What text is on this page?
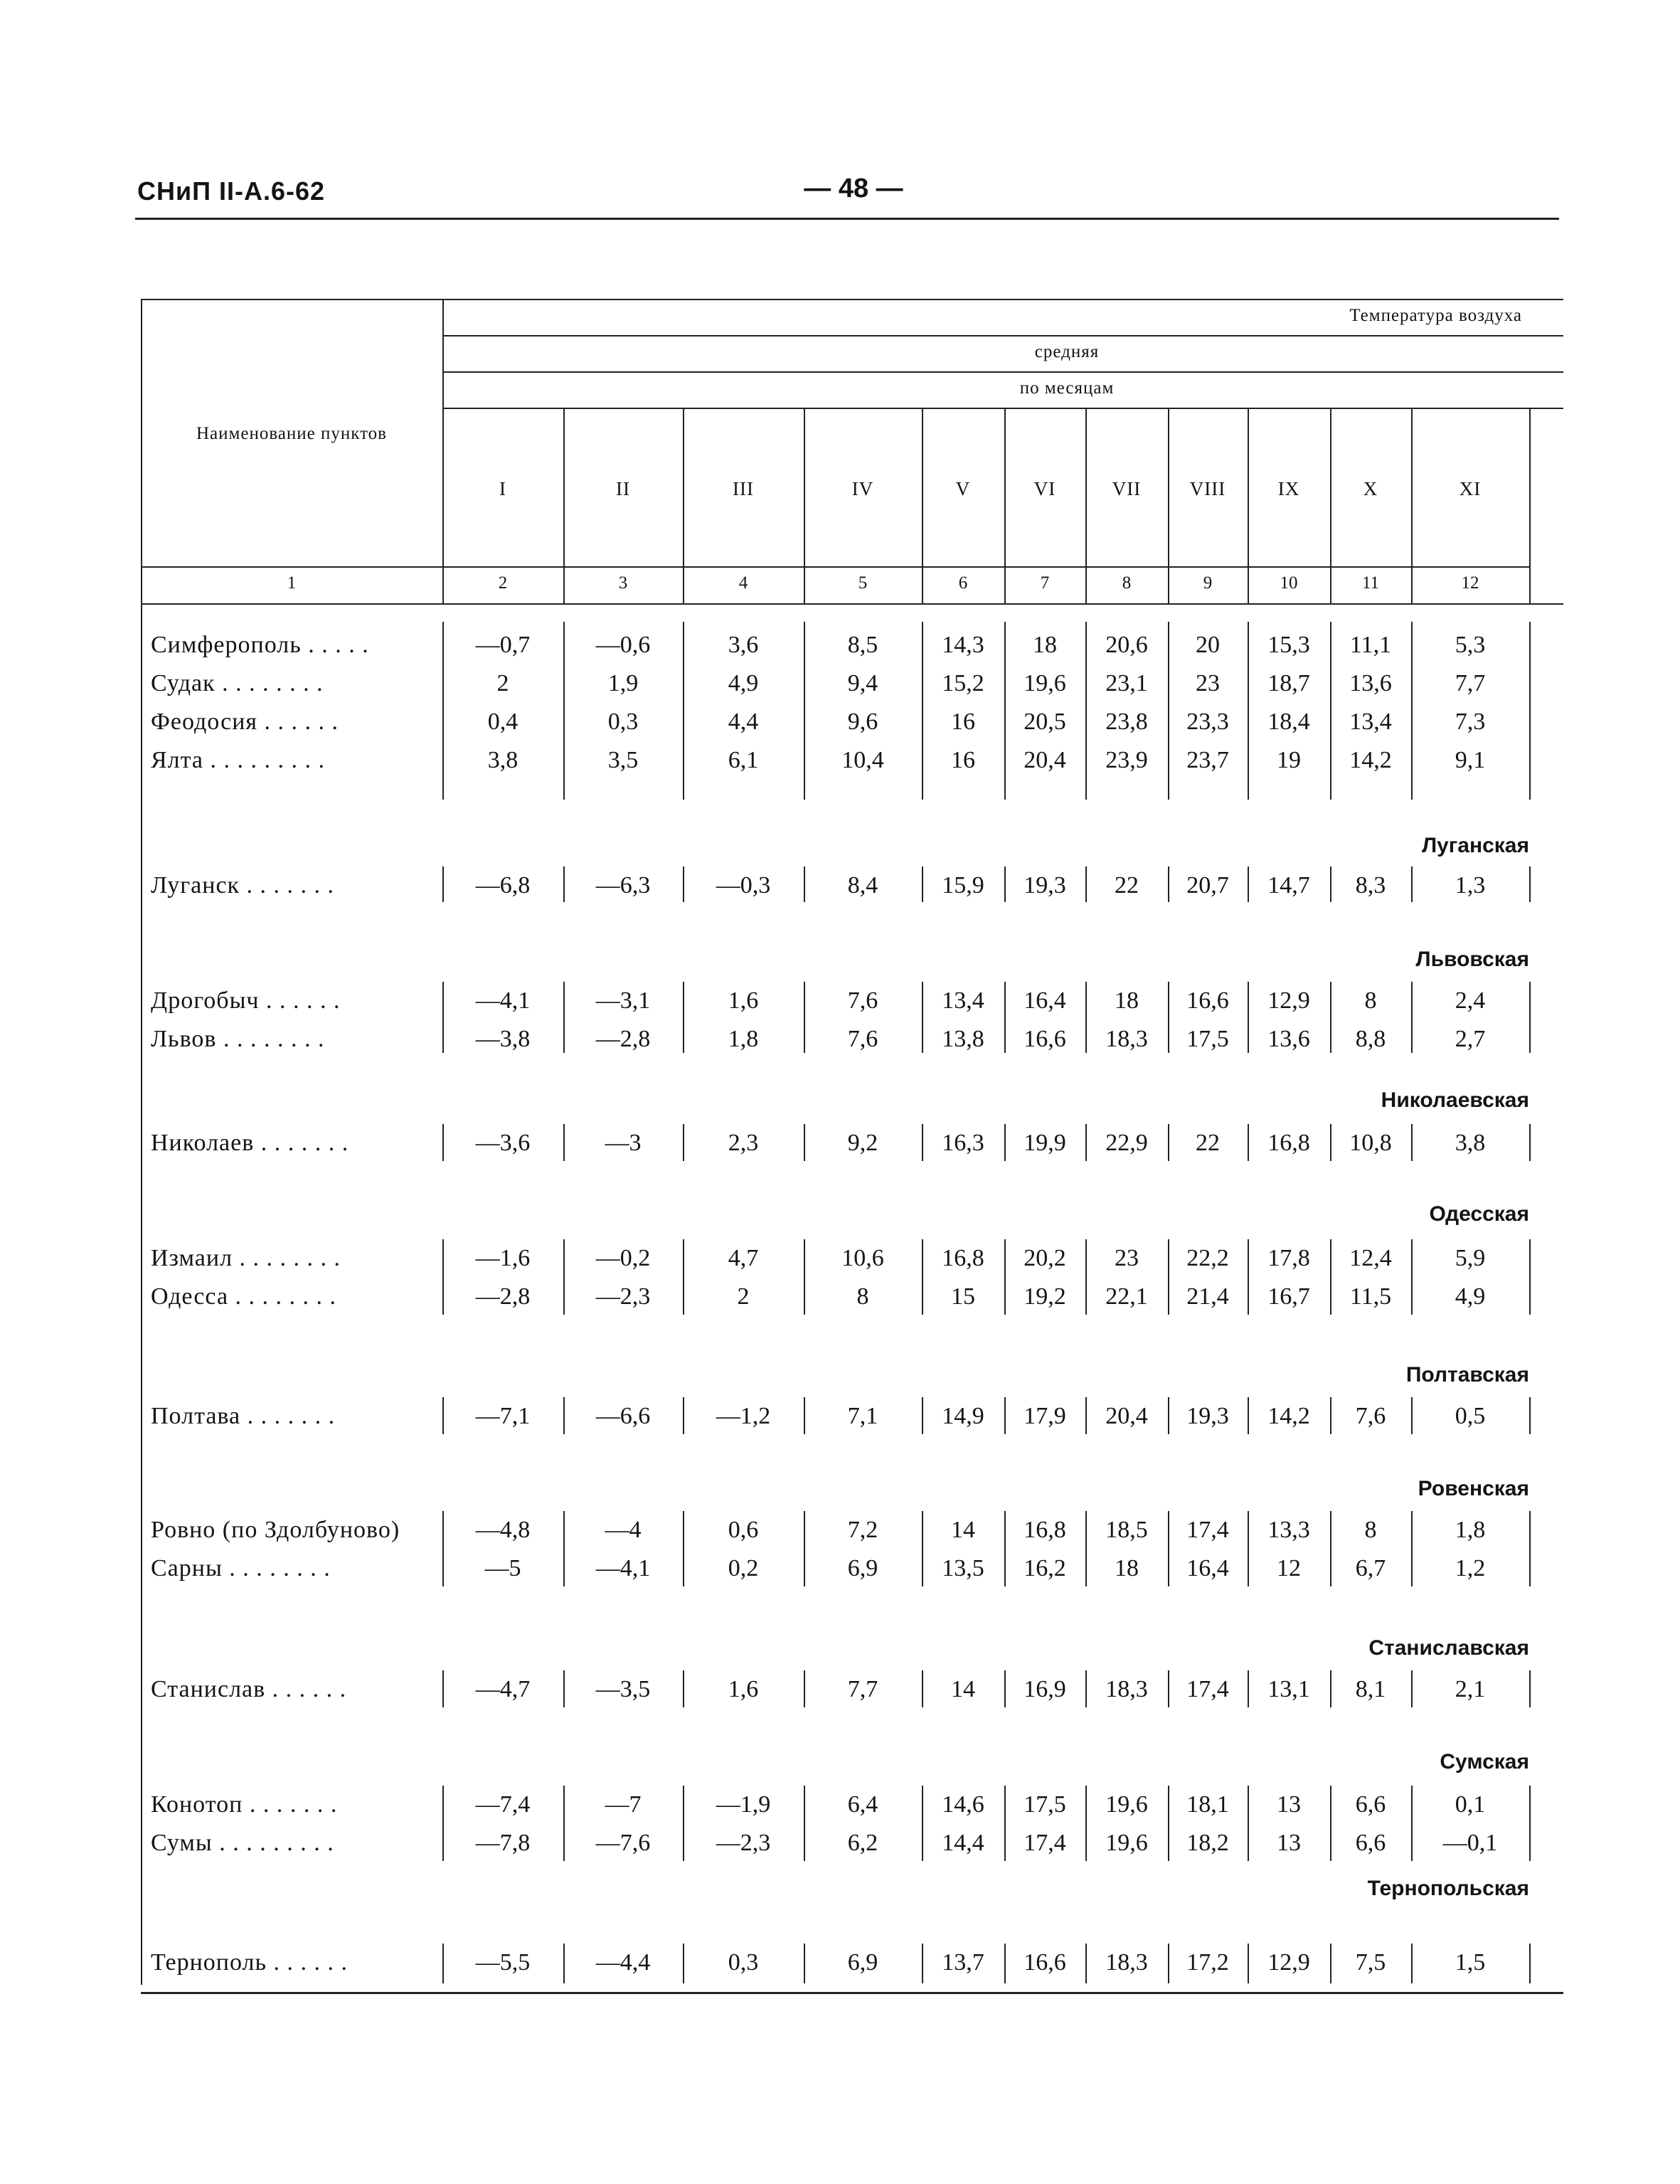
СНиП II-А.6-62	— 48 —
Температура воздуха
средняя
по месяцам
Наименование пунктов
I	II	III	IV	V	VI	VII	VIII	IX	X	XI
1	2	3	4	5	6	7	8	9	10	11	12
Симферополь . . . . .	—0,7	—0,6	3,6	8,5	14,3	18	20,6	20	15,3	11,1	5,3
Судак . . . . . . . .	2	1,9	4,9	9,4	15,2	19,6	23,1	23	18,7	13,6	7,7
Феодосия . . . . . .	0,4	0,3	4,4	9,6	16	20,5	23,8	23,3	18,4	13,4	7,3
Ялта . . . . . . . . .	3,8	3,5	6,1	10,4	16	20,4	23,9	23,7	19	14,2	9,1
Луганская
Луганск . . . . . . .	—6,8	—6,3	—0,3	8,4	15,9	19,3	22	20,7	14,7	8,3	1,3
Львовская
Дрогобыч . . . . . .	—4,1	—3,1	1,6	7,6	13,4	16,4	18	16,6	12,9	8	2,4
Львов . . . . . . . .	—3,8	—2,8	1,8	7,6	13,8	16,6	18,3	17,5	13,6	8,8	2,7
Николаевская
Николаев . . . . . . .	—3,6	—3	2,3	9,2	16,3	19,9	22,9	22	16,8	10,8	3,8
Одесская
Измаил . . . . . . . .	—1,6	—0,2	4,7	10,6	16,8	20,2	23	22,2	17,8	12,4	5,9
Одесса . . . . . . . .	—2,8	—2,3	2	8	15	19,2	22,1	21,4	16,7	11,5	4,9
Полтавская
Полтава . . . . . . .	—7,1	—6,6	—1,2	7,1	14,9	17,9	20,4	19,3	14,2	7,6	0,5
Ровенская
Ровно (по Здолбуново)	—4,8	—4	0,6	7,2	14	16,8	18,5	17,4	13,3	8	1,8
Сарны . . . . . . . .	—5	—4,1	0,2	6,9	13,5	16,2	18	16,4	12	6,7	1,2
Станиславская
Станислав . . . . . .	—4,7	—3,5	1,6	7,7	14	16,9	18,3	17,4	13,1	8,1	2,1
Сумская
Конотоп . . . . . . .	—7,4	—7	—1,9	6,4	14,6	17,5	19,6	18,1	13	6,6	0,1
Сумы . . . . . . . . .	—7,8	—7,6	—2,3	6,2	14,4	17,4	19,6	18,2	13	6,6	—0,1
Тернопольская
Тернополь . . . . . .	—5,5	—4,4	0,3	6,9	13,7	16,6	18,3	17,2	12,9	7,5	1,5
